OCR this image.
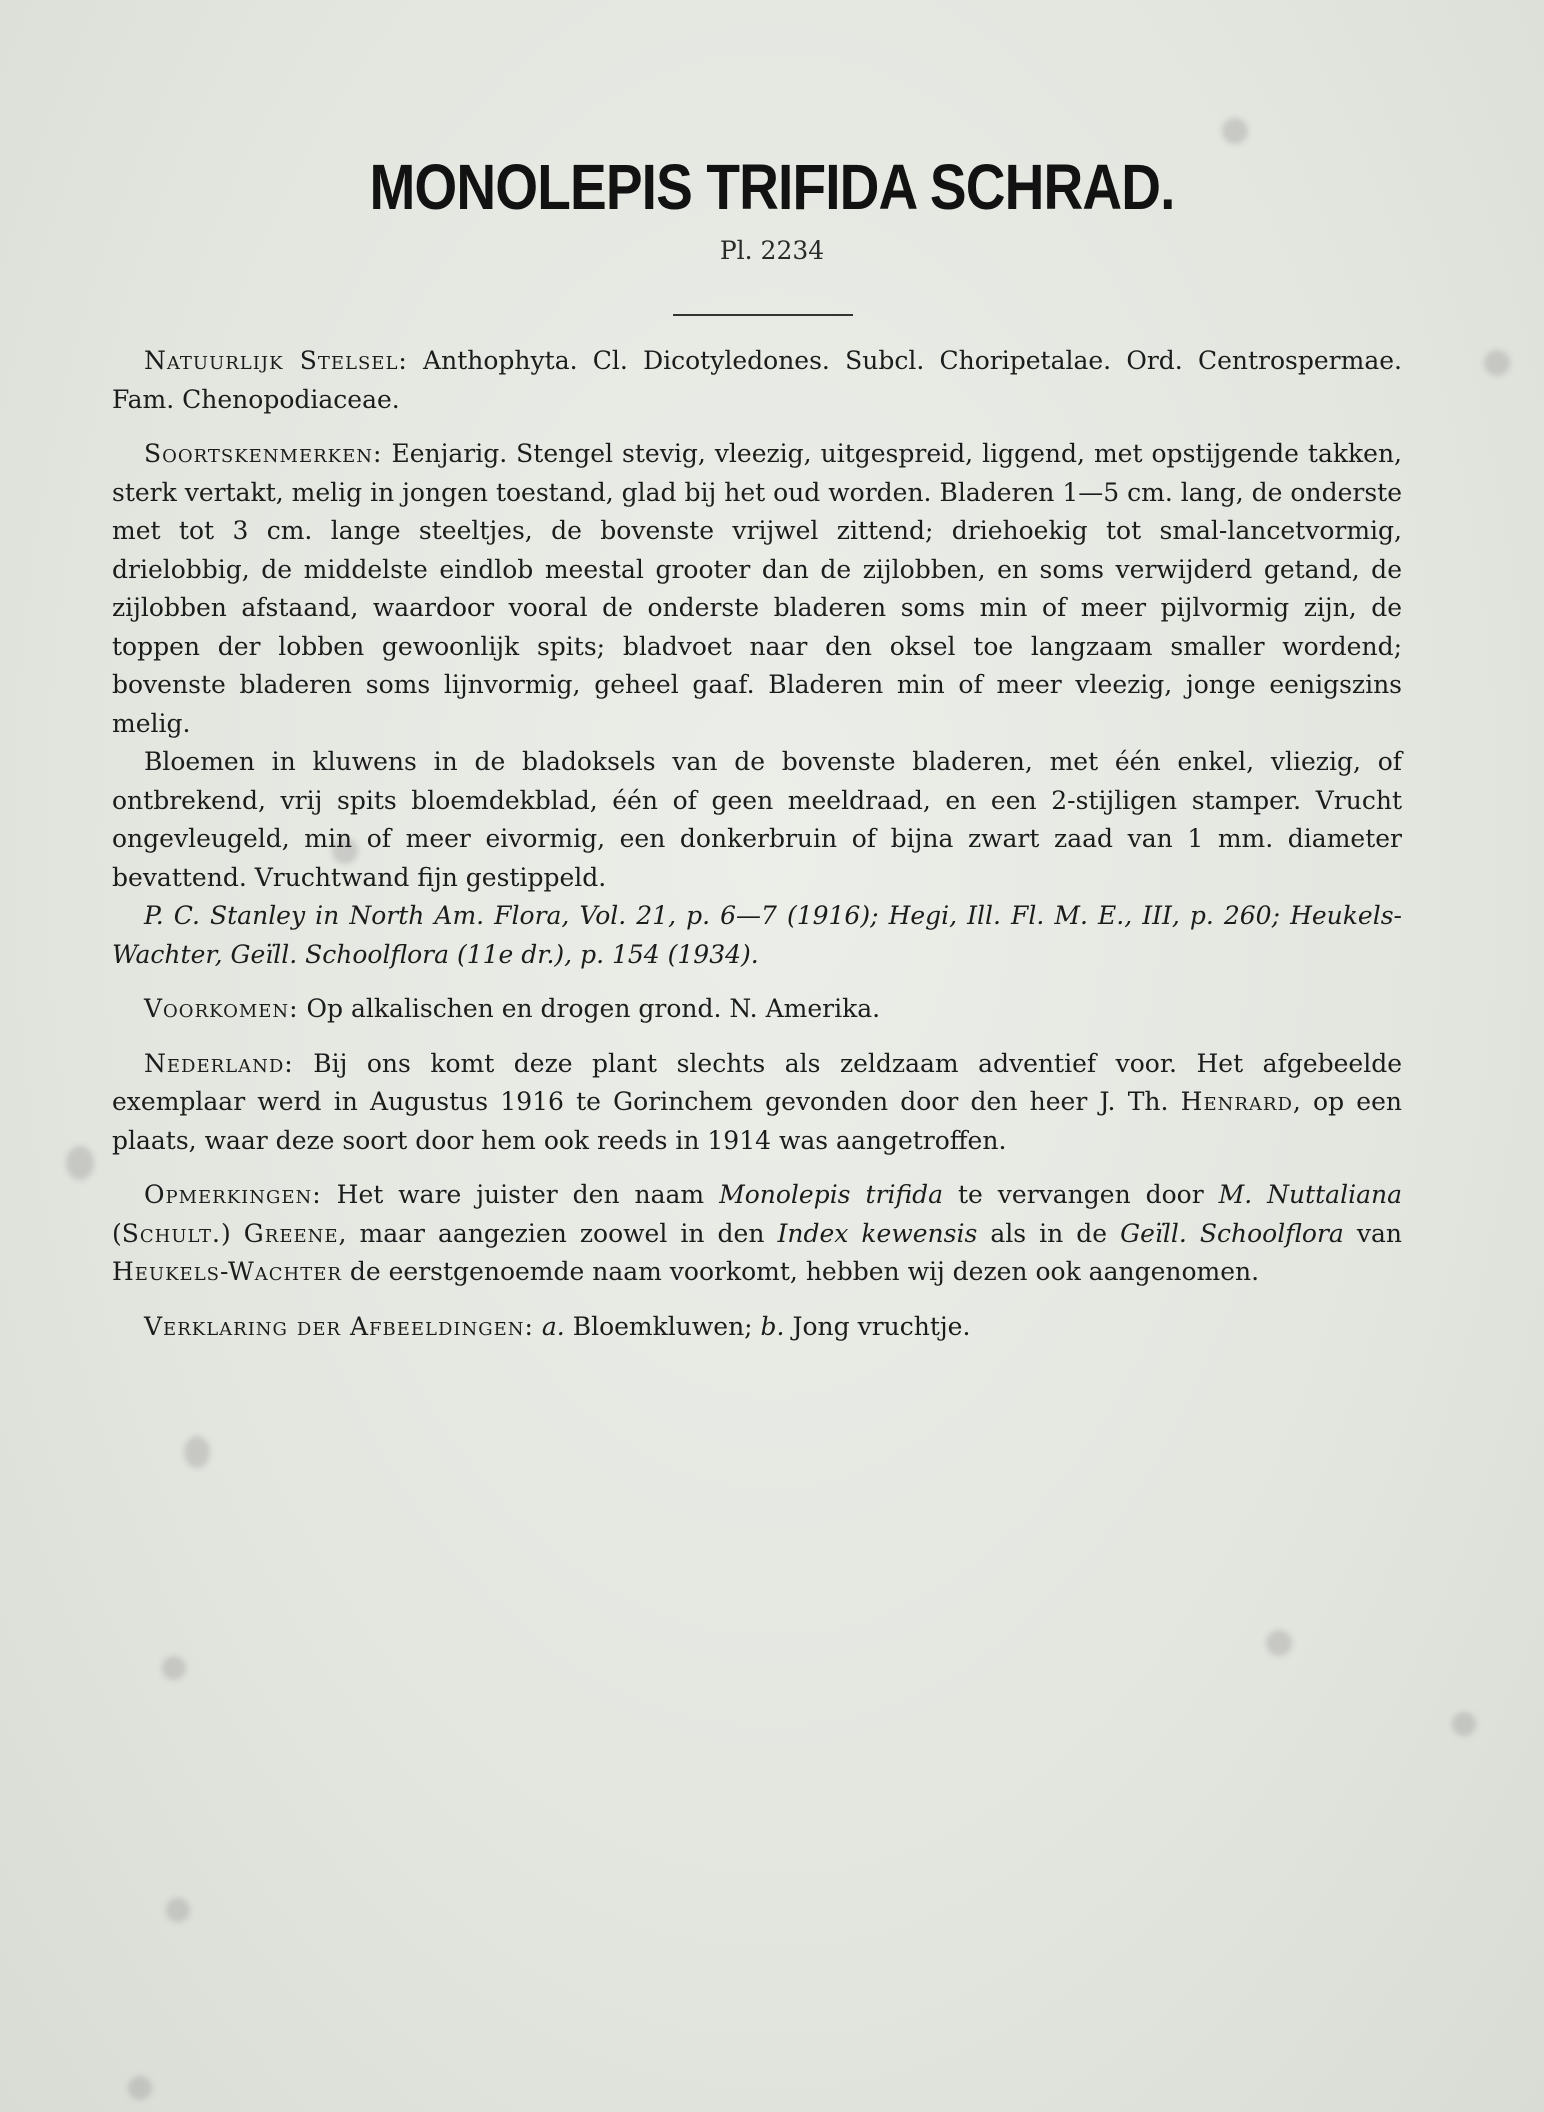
MONOLEPIS TRIFIDA SCHRAD.
Pl. 2234

Natuurlijk Stelsel: Anthophyta. Cl. Dicotyledones. Subcl. Choripetalae. Ord. Centrospermae. Fam. Chenopodiaceae.

Soortskenmerken: Eenjarig. Stengel stevig, vleezig, uitgespreid, liggend, met opstijgende takken, sterk vertakt, melig in jongen toestand, glad bij het oud worden. Bladeren 1—5 cm. lang, de onderste met tot 3 cm. lange steeltjes, de bovenste vrijwel zittend; driehoekig tot smal-lancetvormig, drielobbig, de middelste eindlob meestal grooter dan de zijlobben, en soms verwijderd getand, de zijlobben afstaand, waardoor vooral de onderste bladeren soms min of meer pijlvormig zijn, de toppen der lobben gewoonlijk spits; bladvoet naar den oksel toe langzaam smaller wordend; bovenste bladeren soms lijnvormig, geheel gaaf. Bladeren min of meer vleezig, jonge eenigszins melig.

Bloemen in kluwens in de bladoksels van de bovenste bladeren, met één enkel, vliezig, of ontbrekend, vrij spits bloemdekblad, één of geen meeldraad, en een 2-stijligen stamper. Vrucht ongevleugeld, min of meer eivormig, een donkerbruin of bijna zwart zaad van 1 mm. diameter bevattend. Vruchtwand fijn gestippeld.

P. C. Stanley in North Am. Flora, Vol. 21, p. 6—7 (1916); Hegi, Ill. Fl. M. E., III, p. 260; Heukels-Wachter, Geïll. Schoolflora (11e dr.), p. 154 (1934).

Voorkomen: Op alkalischen en drogen grond. N. Amerika.

Nederland: Bij ons komt deze plant slechts als zeldzaam adventief voor. Het afgebeelde exemplaar werd in Augustus 1916 te Gorinchem gevonden door den heer J. Th. Henrard, op een plaats, waar deze soort door hem ook reeds in 1914 was aangetroffen.

Opmerkingen: Het ware juister den naam Monolepis trifida te vervangen door M. Nuttaliana (Schult.) Greene, maar aangezien zoowel in den Index kewensis als in de Geïll. Schoolflora van Heukels-Wachter de eerstgenoemde naam voorkomt, hebben wij dezen ook aangenomen.

Verklaring der Afbeeldingen: a. Bloemkluwen; b. Jong vruchtje.
